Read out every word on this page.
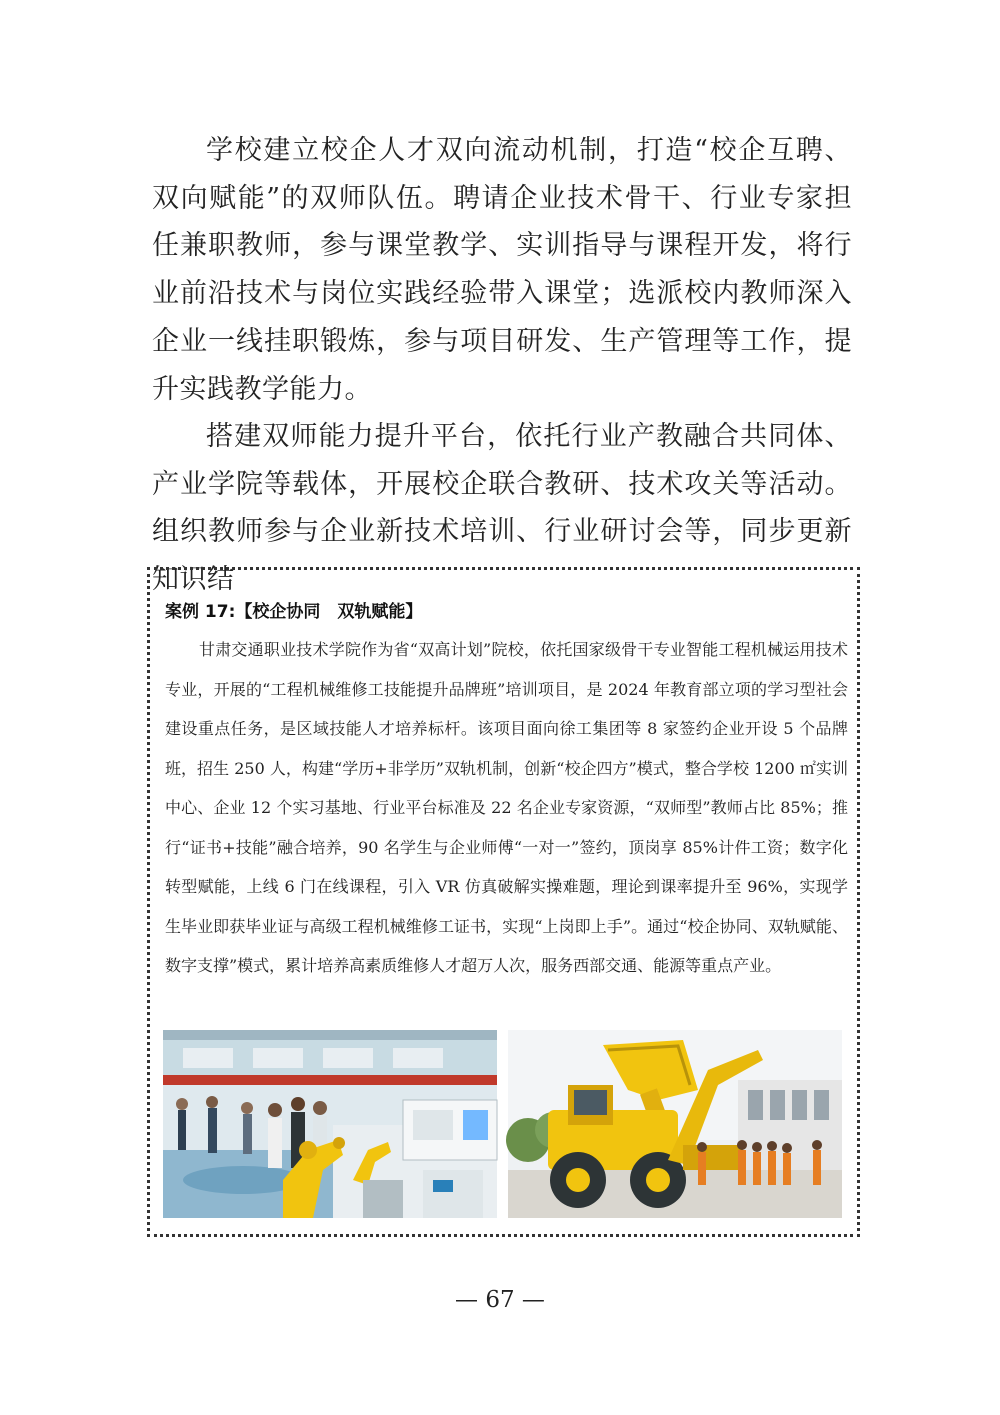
学校建立校企人才双向流动机制，打造“校企互聘、双向赋能”的双师队伍。聘请企业技术骨干、行业专家担任兼职教师，参与课堂教学、实训指导与课程开发，将行业前沿技术与岗位实践经验带入课堂；选派校内教师深入企业一线挂职锻炼，参与项目研发、生产管理等工作，提升实践教学能力。

搭建双师能力提升平台，依托行业产教融合共同体、产业学院等载体，开展校企联合教研、技术攻关等活动。组织教师参与企业新技术培训、行业研讨会等，同步更新知识结

案例 17:【校企协同　双轨赋能】

甘肃交通职业技术学院作为省“双高计划”院校，依托国家级骨干专业智能工程机械运用技术专业，开展的“工程机械维修工技能提升品牌班”培训项目，是 2024 年教育部立项的学习型社会建设重点任务，是区域技能人才培养标杆。该项目面向徐工集团等 8 家签约企业开设 5 个品牌班，招生 250 人，构建“学历+非学历”双轨机制，创新“校企四方”模式，整合学校 1200 ㎡实训中心、企业 12 个实习基地、行业平台标准及 22 名企业专家资源，“双师型”教师占比 85%；推行“证书+技能”融合培养，90 名学生与企业师傅“一对一”签约，顶岗享 85%计件工资；数字化转型赋能，上线 6 门在线课程，引入 VR 仿真破解实操难题，理论到课率提升至 96%，实现学生毕业即获毕业证与高级工程机械维修工证书，实现“上岗即上手”。通过“校企协同、双轨赋能、数字支撑”模式，累计培养高素质维修人才超万人次，服务西部交通、能源等重点产业。

— 67 —
